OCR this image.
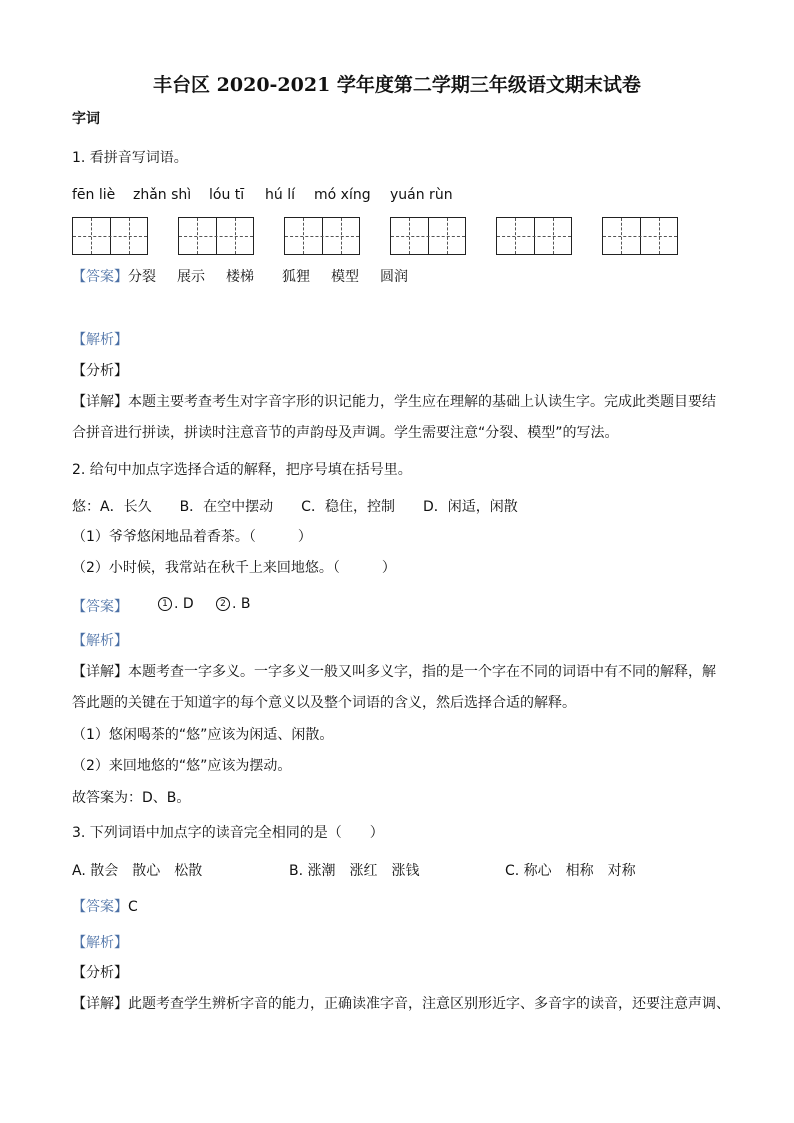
丰台区 2020-2021 学年度第二学期三年级语文期末试卷
字词
1. 看拼音写词语。
fēn liè zhǎn shì lóu tī hú lí mó xíng yuán rùn
【答案】 分裂 展示 楼梯 狐狸 模型 圆润
【解析】
【分析】
【详解】本题主要考查考生对字音字形的识记能力，学生应在理解的基础上认读生字。完成此类题目要结
合拼音进行拼读，拼读时注意音节的声韵母及声调。学生需要注意“分裂、模型”的写法。
2. 给句中加点字选择合适的解释，把序号填在括号里。
悠：A．长久　　B．在空中摆动　　C．稳住，控制　　D．闲适，闲散
（1）爷爷悠闲地品着香茶。（　　　）
（2）小时候，我常站在秋千上来回地悠。（　　　）
【答案】	1 . D	2 . B
【解析】
【详解】本题考查一字多义。一字多义一般又叫多义字，指的是一个字在不同的词语中有不同的解释，解
答此题的关键在于知道字的每个意义以及整个词语的含义，然后选择合适的解释。
（1）悠闲喝茶的“悠”应该为闲适、闲散。
（2）来回地悠的“悠”应该为摆动。
故答案为：D、B。
3. 下列词语中加点字的读音完全相同的是（　　）
A. 散会　散心　松散	B. 涨潮　涨红　涨钱	C. 称心　相称　对称
【答案】C
【解析】
【分析】
【详解】此题考查学生辨析字音的能力，正确读准字音，注意区别形近字、多音字的读音，还要注意声调、
